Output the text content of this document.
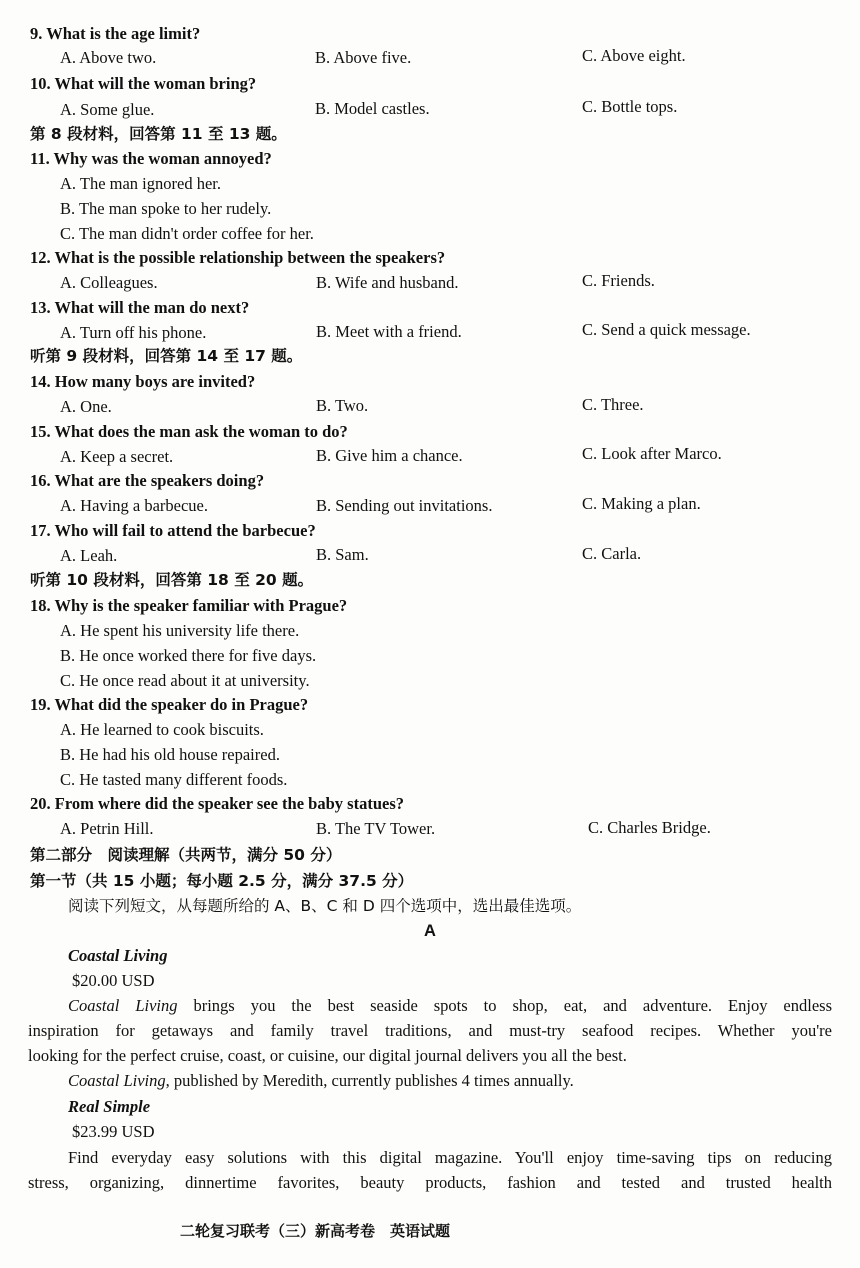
9. What is the age limit?
A. Above two.	B. Above five.	C. Above eight.
10. What will the woman bring?
A. Some glue.	B. Model castles.	C. Bottle tops.
第 8 段材料，回答第 11 至 13 题。
11. Why was the woman annoyed?
A. The man ignored her.
B. The man spoke to her rudely.
C. The man didn't order coffee for her.
12. What is the possible relationship between the speakers?
A. Colleagues.	B. Wife and husband.	C. Friends.
13. What will the man do next?
A. Turn off his phone.	B. Meet with a friend.	C. Send a quick message.
听第 9 段材料，回答第 14 至 17 题。
14. How many boys are invited?
A. One.	B. Two.	C. Three.
15. What does the man ask the woman to do?
A. Keep a secret.	B. Give him a chance.	C. Look after Marco.
16. What are the speakers doing?
A. Having a barbecue.	B. Sending out invitations.	C. Making a plan.
17. Who will fail to attend the barbecue?
A. Leah.	B. Sam.	C. Carla.
听第 10 段材料，回答第 18 至 20 题。
18. Why is the speaker familiar with Prague?
A. He spent his university life there.
B. He once worked there for five days.
C. He once read about it at university.
19. What did the speaker do in Prague?
A. He learned to cook biscuits.
B. He had his old house repaired.
C. He tasted many different foods.
20. From where did the speaker see the baby statues?
A. Petrin Hill.	B. The TV Tower.	C. Charles Bridge.
第二部分　阅读理解（共两节，满分 50 分）
第一节（共 15 小题；每小题 2.5 分，满分 37.5 分）
阅读下列短文，从每题所给的 A、B、C 和 D 四个选项中，选出最佳选项。
A
Coastal Living
$20.00 USD
Coastal Living brings you the best seaside spots to shop, eat, and adventure. Enjoy endless
inspiration for getaways and family travel traditions, and must-try seafood recipes. Whether you're
looking for the perfect cruise, coast, or cuisine, our digital journal delivers you all the best.
Coastal Living, published by Meredith, currently publishes 4 times annually.
Real Simple
$23.99 USD
Find everyday easy solutions with this digital magazine. You'll enjoy time-saving tips on reducing
stress, organizing, dinnertime favorites, beauty products, fashion and tested and trusted health
二轮复习联考（三）新高考卷　英语试题
